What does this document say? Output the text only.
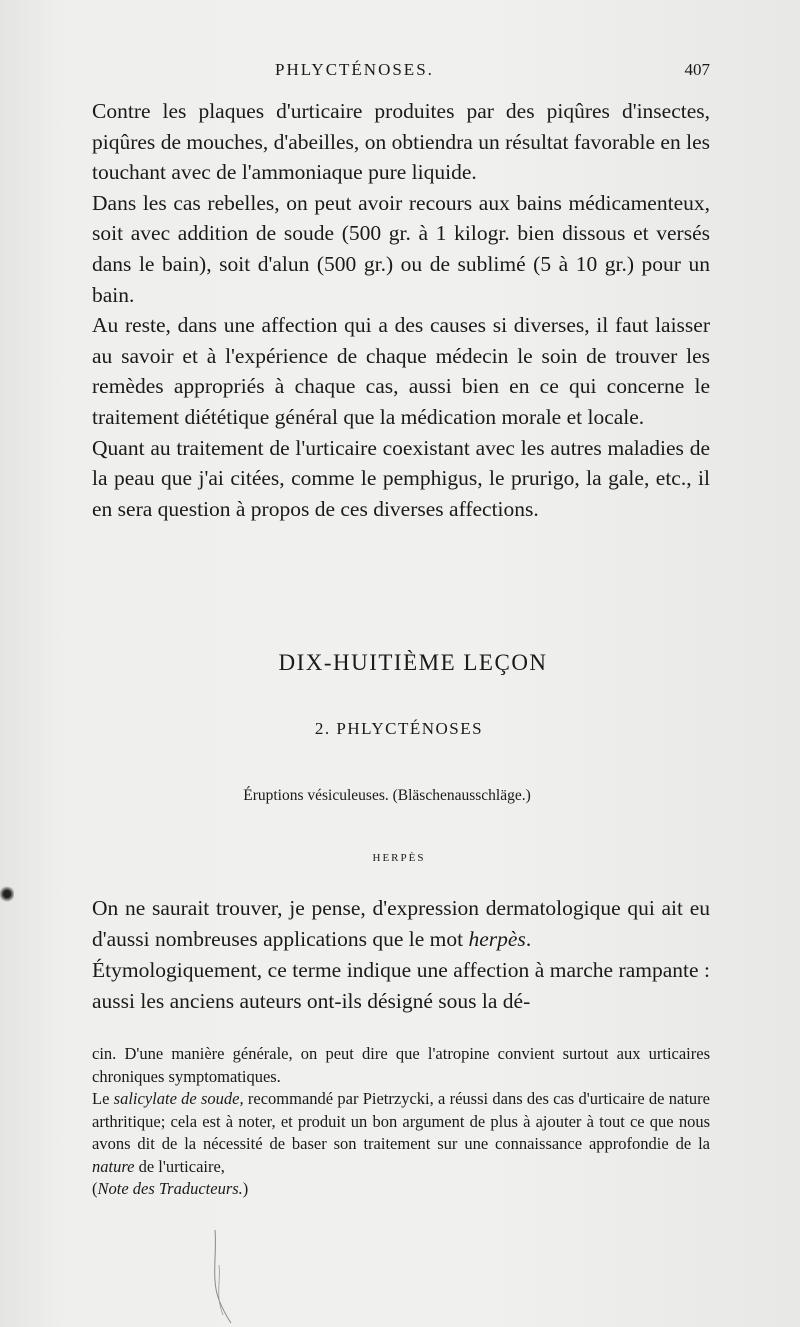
PHLYCTÉNOSES.	407

Contre les plaques d'urticaire produites par des piqûres d'insectes, piqûres de mouches, d'abeilles, on obtiendra un résultat favorable en les touchant avec de l'ammoniaque pure liquide.

Dans les cas rebelles, on peut avoir recours aux bains médicamenteux, soit avec addition de soude (500 gr. à 1 kilogr. bien dissous et versés dans le bain), soit d'alun (500 gr.) ou de sublimé (5 à 10 gr.) pour un bain.

Au reste, dans une affection qui a des causes si diverses, il faut laisser au savoir et à l'expérience de chaque médecin le soin de trouver les remèdes appropriés à chaque cas, aussi bien en ce qui concerne le traitement diététique général que la médication morale et locale.

Quant au traitement de l'urticaire coexistant avec les autres maladies de la peau que j'ai citées, comme le pemphigus, le prurigo, la gale, etc., il en sera question à propos de ces diverses affections.

DIX-HUITIÈME LEÇON
2. PHLYCTÉNOSES
Éruptions vésiculeuses. (Bläschenausschläge.)
HERPÈS

On ne saurait trouver, je pense, d'expression dermatologique qui ait eu d'aussi nombreuses applications que le mot herpès.

Étymologiquement, ce terme indique une affection à marche rampante : aussi les anciens auteurs ont-ils désigné sous la dé-

cin. D'une manière générale, on peut dire que l'atropine convient surtout aux urticaires chroniques symptomatiques.

Le salicylate de soude, recommandé par Pietrzycki, a réussi dans des cas d'urticaire de nature arthritique; cela est à noter, et produit un bon argument de plus à ajouter à tout ce que nous avons dit de la nécessité de baser son traitement sur une connaissance approfondie de la nature de l'urticaire,
(Note des Traducteurs.)
